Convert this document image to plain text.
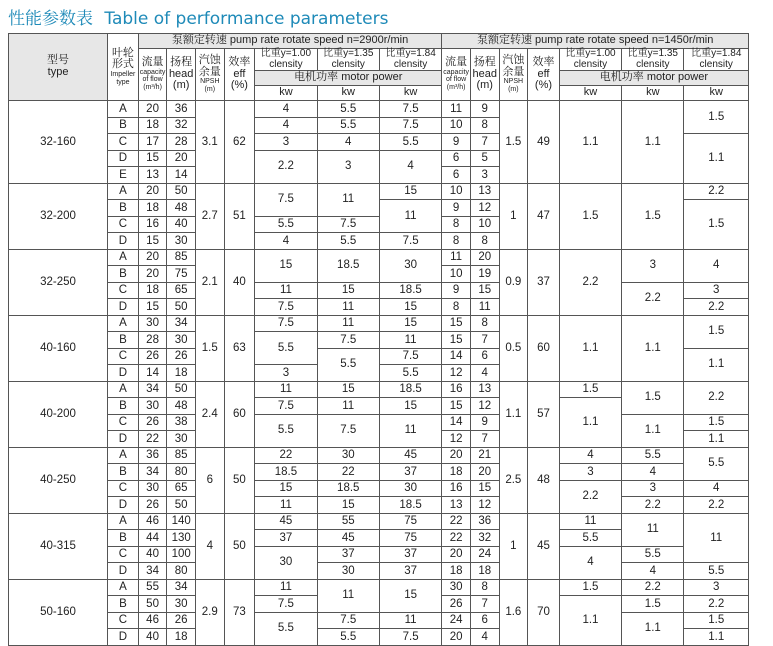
性能参数表 Table of performance parameters
型号
type	叶轮形式
Impeller type	泵额定转速 pump rate rotate speed n=2900r/min							泵额定转速 pump rate rotate speed n=1450r/min						
		流量
capacity
of flow
(m³/h)	扬程
head
(m)	汽蚀余量
NPSH
(m)	效率
eff
(%)	比重y=1.00 clensity	比重y=1.35 clensity	比重y=1.84 clensity	流量
capacity
of flow
(m³/h)	扬程
head
(m)	汽蚀余量
NPSH
(m)	效率
eff
(%)	比重y=1.00 clensity	比重y=1.35 clensity	比重y=1.84 clensity
						电机功率 motor power							电机功率 motor power		
						kw	kw	kw					kw	kw	kw
32-160	A	20	36	3.1	62	4	5.5	7.5	11	9	1.5	49	1.1	1.1	1.5
	B	18	32			4	5.5	7.5	10	8					
	C	17	28			3	4	5.5	9	7					1.1
	D	15	20			2.2	3	4	6	5					
	E	13	14						6	3					
32-200	A	20	50	2.7	51	7.5	11	15	10	13	1	47	1.5	1.5	2.2
	B	18	48					11	9	12					1.5
	C	16	40			5.5	7.5		8	10					
	D	15	30			4	5.5	7.5	8	8					
32-250	A	20	85	2.1	40	15	18.5	30	11	20	0.9	37	2.2	3	4
	B	20	75						10	19					
	C	18	65			11	15	18.5	9	15				2.2	3
	D	15	50			7.5	11	15	8	11					2.2
40-160	A	30	34	1.5	63	7.5	11	15	15	8	0.5	60	1.1	1.1	1.5
	B	28	30			5.5	7.5	11	15	7					
	C	26	26				5.5	7.5	14	6					1.1
	D	14	18			3		5.5	12	4					
40-200	A	34	50	2.4	60	11	15	18.5	16	13	1.1	57	1.5	1.5	2.2
	B	30	48			7.5	11	15	15	12			1.1		
	C	26	38			5.5	7.5	11	14	9				1.1	1.5
	D	22	30						12	7					1.1
40-250	A	36	85	6	50	22	30	45	20	21	2.5	48	4	5.5	5.5
	B	34	80			18.5	22	37	18	20			3	4	
	C	30	65			15	18.5	30	16	15			2.2	3	4
	D	26	50			11	15	18.5	13	12				2.2	2.2
40-315	A	46	140	4	50	45	55	75	22	36	1	45	11	11	11
	B	44	130			37	45	75	22	32			5.5		
	C	40	100			30	37	37	20	24			4	5.5	
	D	34	80				30	37	18	18				4	5.5
50-160	A	55	34	2.9	73	11	11	15	30	8	1.6	70	1.5	2.2	3
	B	50	30			7.5			26	7			1.1	1.5	2.2
	C	46	26			5.5	7.5	11	24	6				1.1	1.5
	D	40	18				5.5	7.5	20	4					1.1
